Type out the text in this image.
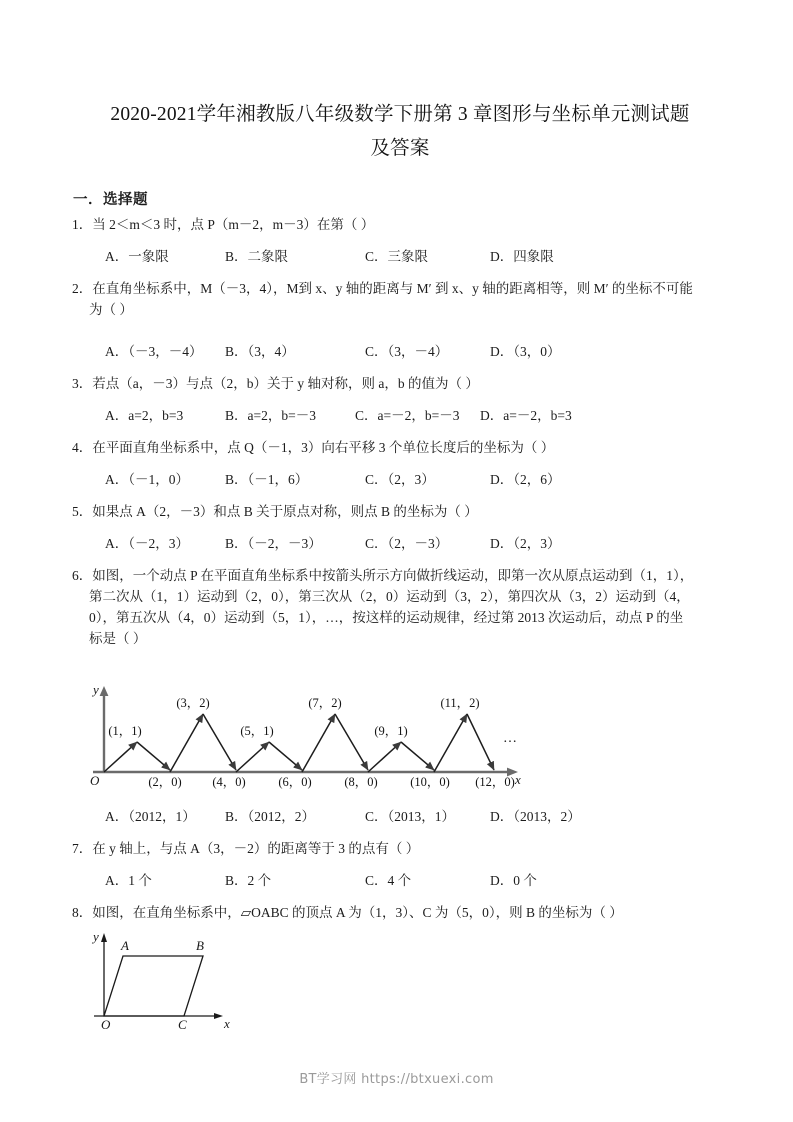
2020-2021学年湘教版八年级数学下册第 3 章图形与坐标单元测试题
及答案
一．选择题
1．当 2＜m＜3 时，点 P（m－2，m－3）在第（ ）
A．一象限	B．二象限	C．三象限	D．四象限
2．在直角坐标系中，M（－3，4），M到 x、y 轴的距离与 M′ 到 x、y 轴的距离相等，则 M′ 的坐标不可能
为（ ）
A．（－3，－4） B．（3，4）	C．（3，－4）	D．（3，0）
3．若点（a，－3）与点（2，b）关于 y 轴对称，则 a，b 的值为（ ）
A．a=2，b=3	B．a=2，b=－3	C．a=－2，b=－3 D．a=－2，b=3
4．在平面直角坐标系中，点 Q（－1，3）向右平移 3 个单位长度后的坐标为（ ）
A．（－1，0）	B．（－1，6）	C．（2，3）	D．（2，6）
5．如果点 A（2，－3）和点 B 关于原点对称，则点 B 的坐标为（ ）
A．（－2，3）	B．（－2，－3）	C．（2，－3）	D．（2，3）
6．如图，一个动点 P 在平面直角坐标系中按箭头所示方向做折线运动，即第一次从原点运动到（1，1），
第二次从（1，1）运动到（2，0），第三次从（2，0）运动到（3，2），第四次从（3，2）运动到（4，
0），第五次从（4，0）运动到（5，1），…，按这样的运动规律，经过第 2013 次运动后，动点 P 的坐
标是（ ）
O	x
y
(1，1)
(3，2)
(5，1)
(7，2)
(9，1)
(11，2)
(2，0) (4，0)	(6，0)	(8，0)	(10，0) (12，0)
…
A．（2012，1） B．（2012，2）	C．（2013，1）	D．（2013，2）
7．在 y 轴上，与点 A（3，－2）的距离等于 3 的点有（ ）
A．1 个	B．2 个	C．4 个	D．0 个
8．如图，在直角坐标系中，▱OABC 的顶点 A 为（1，3）、C 为（5，0），则 B 的坐标为（ ）
A	B
O	C	x
y
BT学习网 https://btxuexi.com
